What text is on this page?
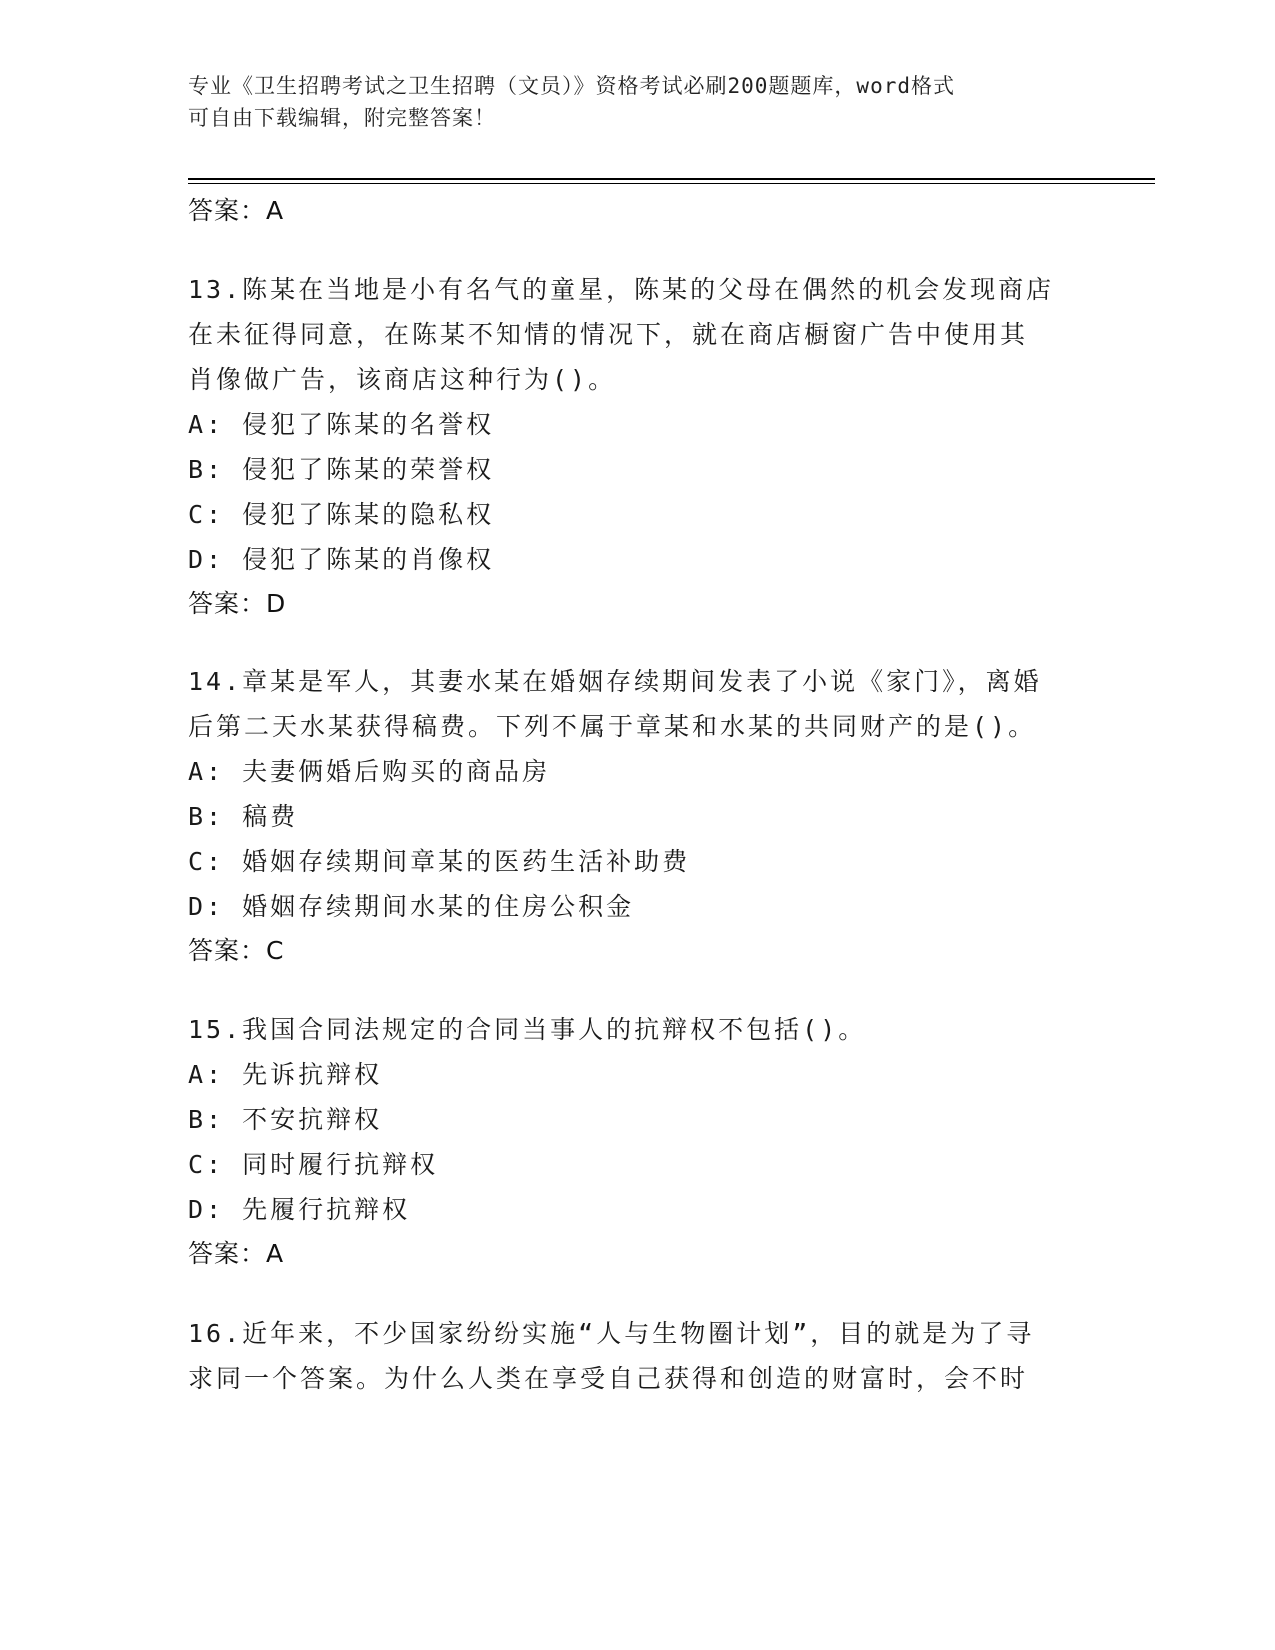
专业《卫生招聘考试之卫生招聘（文员）》资格考试必刷200题题库，word格式
可自由下载编辑，附完整答案！
答案：A
13.陈某在当地是小有名气的童星，陈某的父母在偶然的机会发现商店
在未征得同意，在陈某不知情的情况下，就在商店橱窗广告中使用其
肖像做广告，该商店这种行为()。
A: 侵犯了陈某的名誉权
B: 侵犯了陈某的荣誉权
C: 侵犯了陈某的隐私权
D: 侵犯了陈某的肖像权
答案：D
14.章某是军人，其妻水某在婚姻存续期间发表了小说《家门》，离婚
后第二天水某获得稿费。下列不属于章某和水某的共同财产的是()。
A: 夫妻俩婚后购买的商品房
B: 稿费
C: 婚姻存续期间章某的医药生活补助费
D: 婚姻存续期间水某的住房公积金
答案：C
15.我国合同法规定的合同当事人的抗辩权不包括()。
A: 先诉抗辩权
B: 不安抗辩权
C: 同时履行抗辩权
D: 先履行抗辩权
答案：A
16.近年来，不少国家纷纷实施“人与生物圈计划”，目的就是为了寻
求同一个答案。为什么人类在享受自己获得和创造的财富时，会不时
